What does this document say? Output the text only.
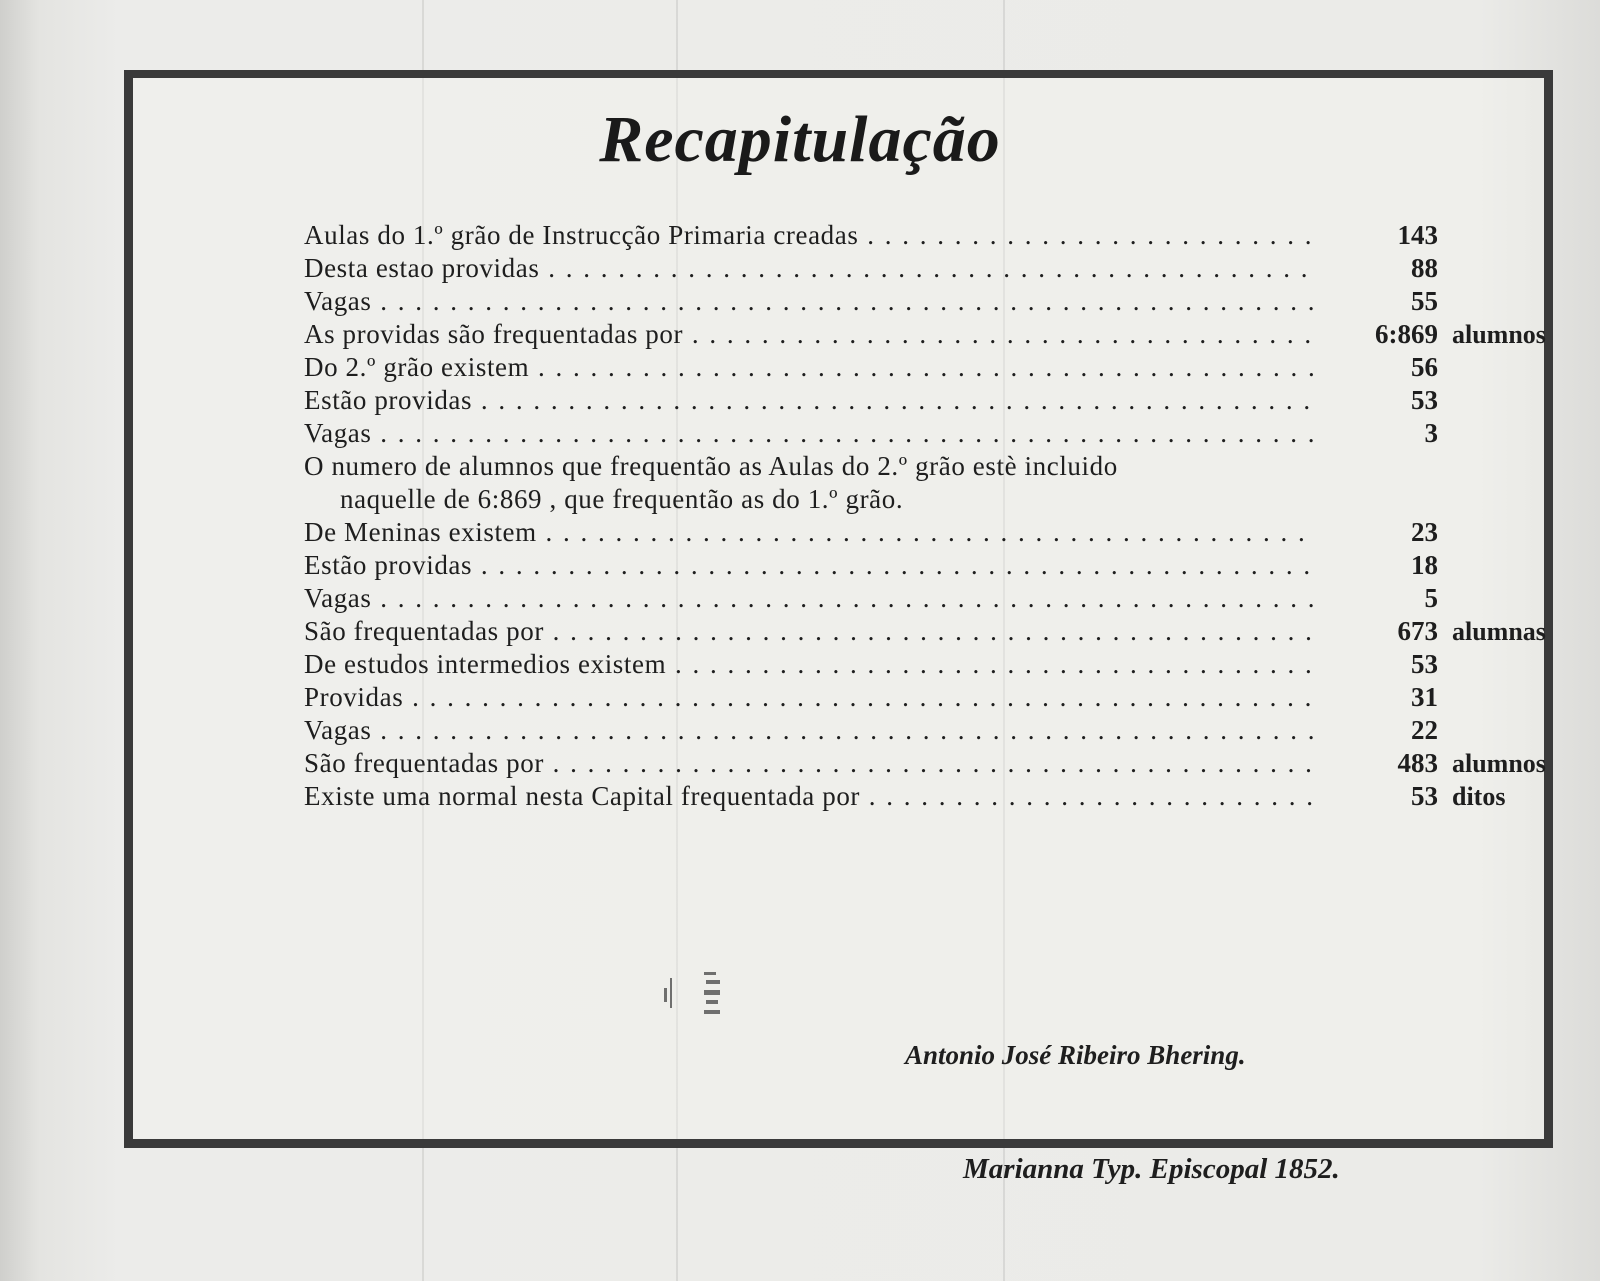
Recapitulação
Aulas do 1.º grão de Instrucção Primaria creadas . . .	143
Desta estao providas . . .	88
Vagas . . .	55
As providas são frequentadas por . . .	6:869 alumnos
Do 2.º grão existem . . .	56
Estão providas . . .	53
Vagas . . .	3
O numero de alumnos que frequentão as Aulas do 2.º grão estè incluido
naquelle de 6:869 , que frequentão as do 1.º grão.
De Meninas existem . . .	23
Estão providas . . .	18
Vagas . . .	5
São frequentadas por . . .	673 alumnas
De estudos intermedios existem . . .	53
Providas . . .	31
Vagas . . .	22
São frequentadas por . . .	483 alumnos
Existe uma normal nesta Capital frequentada por . . .	53 ditos
Antonio José Ribeiro Bhering.
Marianna Typ. Episcopal 1852.
